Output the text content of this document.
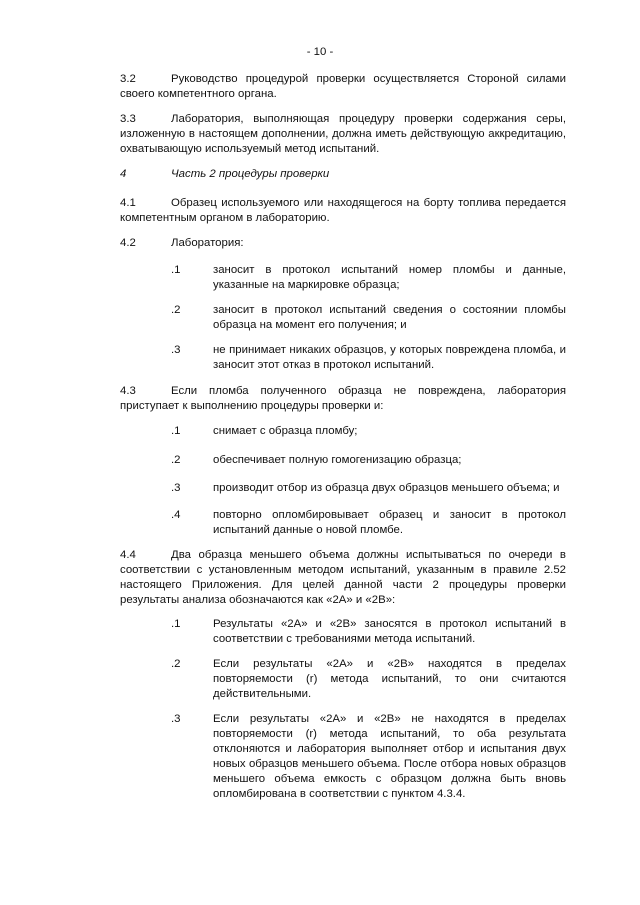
- 10 -
3.2	Руководство процедурой проверки осуществляется Стороной силами своего компетентного органа.
3.3	Лаборатория, выполняющая процедуру проверки содержания серы, изложенную в настоящем дополнении, должна иметь действующую аккредитацию, охватывающую используемый метод испытаний.
4	Часть 2 процедуры проверки
4.1	Образец используемого или находящегося на борту топлива передается компетентным органом в лабораторию.
4.2	Лаборатория:
.1	заносит в протокол испытаний номер пломбы и данные, указанные на маркировке образца;
.2	заносит в протокол испытаний сведения о состоянии пломбы образца на момент его получения; и
.3	не принимает никаких образцов, у которых повреждена пломба, и заносит этот отказ в протокол испытаний.
4.3	Если пломба полученного образца не повреждена, лаборатория приступает к выполнению процедуры проверки и:
.1	снимает с образца пломбу;
.2	обеспечивает полную гомогенизацию образца;
.3	производит отбор из образца двух образцов меньшего объема; и
.4	повторно опломбировывает образец и заносит в протокол испытаний данные о новой пломбе.
4.4	Два образца меньшего объема должны испытываться по очереди в соответствии с установленным методом испытаний, указанным в правиле 2.52 настоящего Приложения. Для целей данной части 2 процедуры проверки результаты анализа обозначаются как «2А» и «2В»:
.1	Результаты «2А» и «2В» заносятся в протокол испытаний в соответствии с требованиями метода испытаний.
.2	Если результаты «2А» и «2В» находятся в пределах повторяемости (r) метода испытаний, то они считаются действительными.
.3	Если результаты «2А» и «2В» не находятся в пределах повторяемости (r) метода испытаний, то оба результата отклоняются и лаборатория выполняет отбор и испытания двух новых образцов меньшего объема. После отбора новых образцов меньшего объема емкость с образцом должна быть вновь опломбирована в соответствии с пунктом 4.3.4.
